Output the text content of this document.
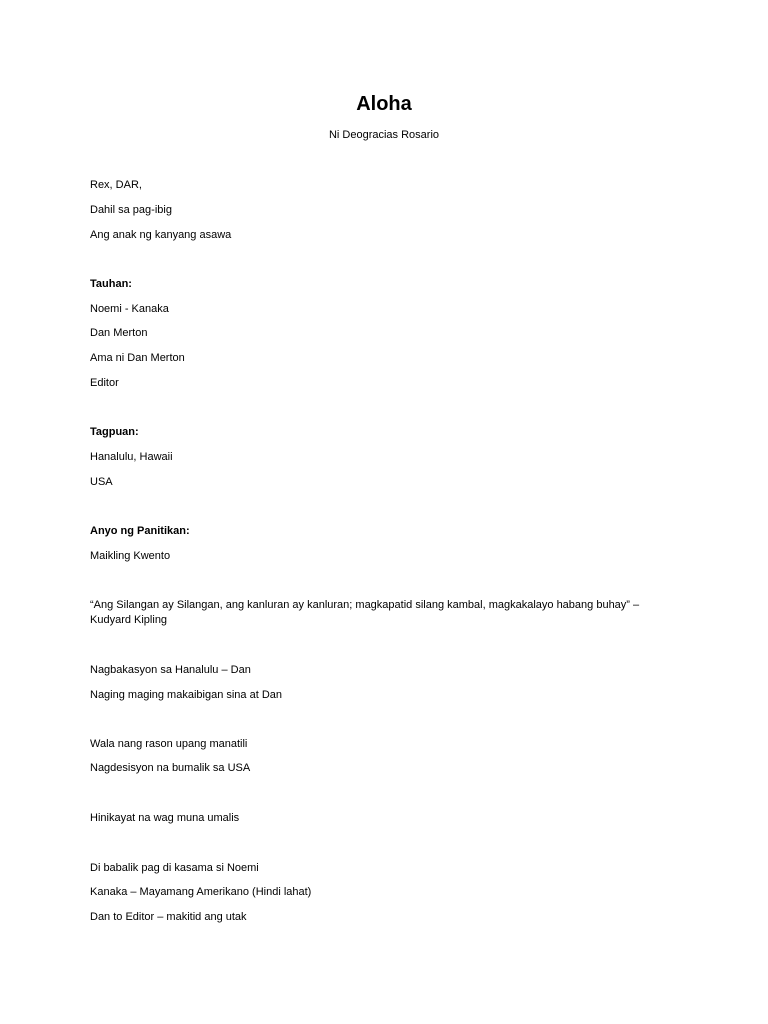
Aloha

Ni Deogracias Rosario

Rex, DAR,

Dahil sa pag-ibig

Ang anak ng kanyang asawa

Tauhan:

Noemi - Kanaka

Dan Merton

Ama ni Dan Merton

Editor

Tagpuan:

Hanalulu, Hawaii

USA

Anyo ng Panitikan:

Maikling Kwento

“Ang Silangan ay Silangan, ang kanluran ay kanluran; magkapatid silang kambal, magkakalayo habang buhay” – Kudyard Kipling

Nagbakasyon sa Hanalulu – Dan

Naging maging makaibigan sina at Dan

Wala nang rason upang manatili

Nagdesisyon na bumalik sa USA

Hinikayat na wag muna umalis

Di babalik pag di kasama si Noemi

Kanaka – Mayamang Amerikano (Hindi lahat)

Dan to Editor – makitid ang utak
